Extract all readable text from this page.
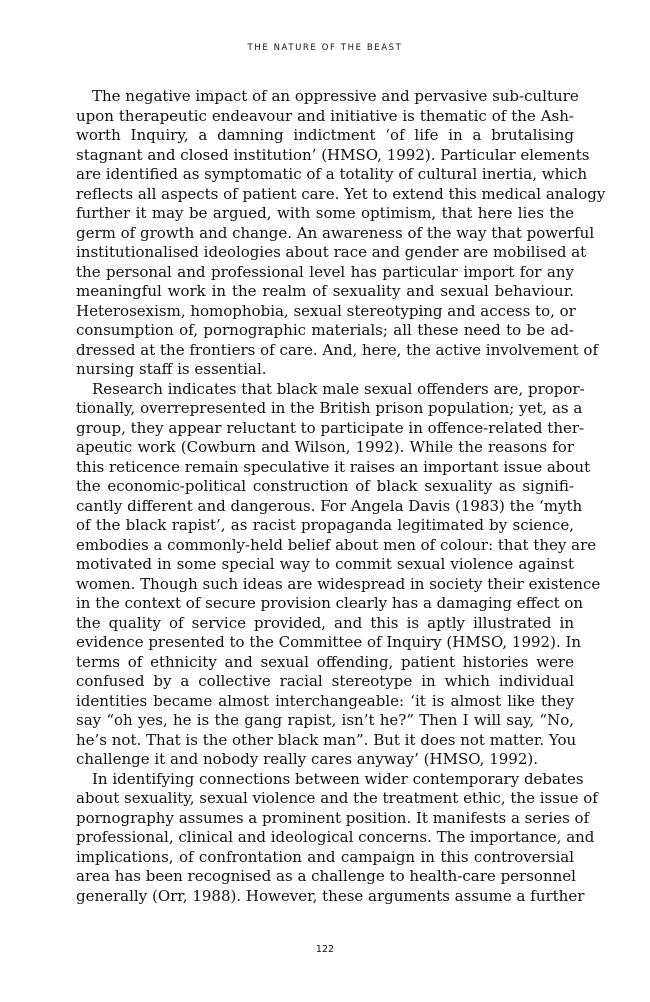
THE NATURE OF THE BEAST

The negative impact of an oppressive and pervasive sub-culture
upon therapeutic endeavour and initiative is thematic of the Ash-
worth Inquiry, a damning indictment ‘of life in a brutalising
stagnant and closed institution’ (HMSO, 1992). Particular elements
are identified as symptomatic of a totality of cultural inertia, which
reflects all aspects of patient care. Yet to extend this medical analogy
further it may be argued, with some optimism, that here lies the
germ of growth and change. An awareness of the way that powerful
institutionalised ideologies about race and gender are mobilised at
the personal and professional level has particular import for any
meaningful work in the realm of sexuality and sexual behaviour.
Heterosexism, homophobia, sexual stereotyping and access to, or
consumption of, pornographic materials; all these need to be ad-
dressed at the frontiers of care. And, here, the active involvement of
nursing staff is essential.

Research indicates that black male sexual offenders are, propor-
tionally, overrepresented in the British prison population; yet, as a
group, they appear reluctant to participate in offence-related ther-
apeutic work (Cowburn and Wilson, 1992). While the reasons for
this reticence remain speculative it raises an important issue about
the economic-political construction of black sexuality as signifi-
cantly different and dangerous. For Angela Davis (1983) the ‘myth
of the black rapist’, as racist propaganda legitimated by science,
embodies a commonly-held belief about men of colour: that they are
motivated in some special way to commit sexual violence against
women. Though such ideas are widespread in society their existence
in the context of secure provision clearly has a damaging effect on
the quality of service provided, and this is aptly illustrated in
evidence presented to the Committee of Inquiry (HMSO, 1992). In
terms of ethnicity and sexual offending, patient histories were
confused by a collective racial stereotype in which individual
identities became almost interchangeable: ‘it is almost like they
say “oh yes, he is the gang rapist, isn’t he?” Then I will say, “No,
he’s not. That is the other black man”. But it does not matter. You
challenge it and nobody really cares anyway’ (HMSO, 1992).

In identifying connections between wider contemporary debates
about sexuality, sexual violence and the treatment ethic, the issue of
pornography assumes a prominent position. It manifests a series of
professional, clinical and ideological concerns. The importance, and
implications, of confrontation and campaign in this controversial
area has been recognised as a challenge to health-care personnel
generally (Orr, 1988). However, these arguments assume a further

122
